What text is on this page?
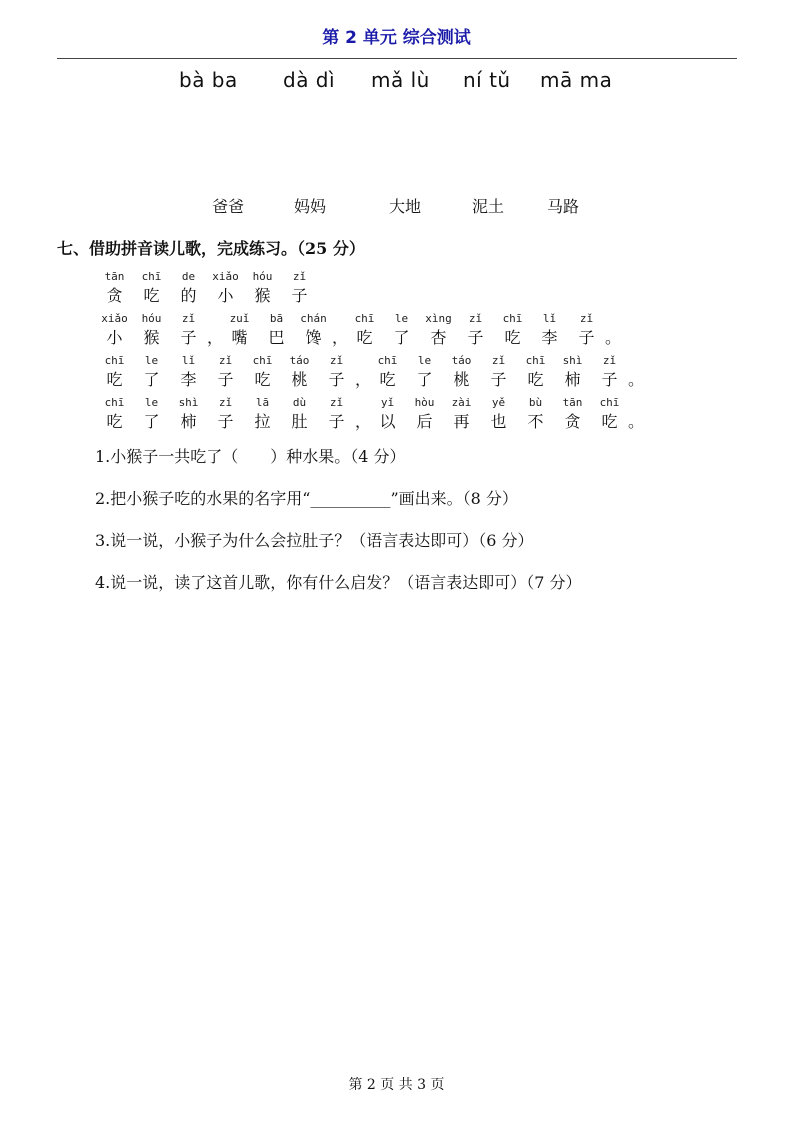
第 2 单元 综合测试
bà ba dà dì mǎ lù ní tǔ mā ma
爸爸	妈妈	大地	泥土	马路
七、借助拼音读儿歌，完成练习。（25 分）
tān	chī	de	xiǎo	hóu	zǐ
贪	吃	的	小	猴	子
xiǎo	hóu	zǐ	zuǐ	bā	chán	chī	le	xìng	zǐ	chī	lǐ	zǐ
小	猴	子 ， 嘴	巴	馋 ， 吃	了	杏	子	吃	李	子 。
chī	le	lǐ	zǐ	chī	táo	zǐ	chī	le	táo	zǐ	chī	shì	zǐ
吃	了	李	子	吃	桃	子 ， 吃	了	桃	子	吃	柿	子 。
chī	le	shì	zǐ	lā	dù	zǐ	yǐ	hòu	zài	yě	bù	tān	chī
吃	了	柿	子	拉	肚	子 ， 以	后	再	也	不	贪	吃 。
1.小猴子一共吃了（　　）种水果。（4 分）
2.把小猴子吃的水果的名字用“__________”画出来。（8 分）
3.说一说，小猴子为什么会拉肚子？（语言表达即可）（6 分）
4.说一说，读了这首儿歌，你有什么启发？（语言表达即可）（7 分）
第 2 页 共 3 页
